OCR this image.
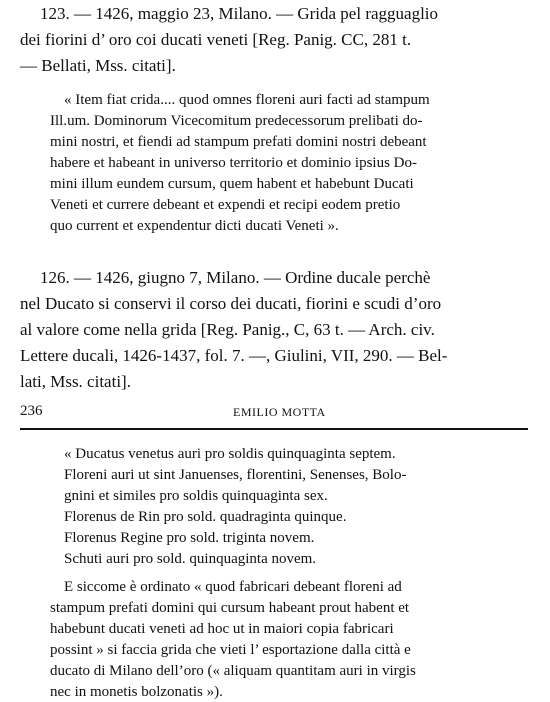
123. — 1426, maggio 23, Milano. — Grida pel ragguaglio
dei fiorini d’ oro coi ducati veneti [Reg. Panig. CC, 281 t.
— Bellati, Mss. citati].
« Item fiat crida.... quod omnes floreni auri facti ad stampum
Ill.um. Dominorum Vicecomitum predecessorum prelibati do-
mini nostri, et fiendi ad stampum prefati domini nostri debeant
habere et habeant in universo territorio et dominio ipsius Do-
mini illum eundem cursum, quem habent et habebunt Ducati
Veneti et currere debeant et expendi et recipi eodem pretio
quo current et expendentur dicti ducati Veneti ».
126. — 1426, giugno 7, Milano. — Ordine ducale perchè
nel Ducato si conservi il corso dei ducati, fiorini e scudi d’oro
al valore come nella grida [Reg. Panig., C, 63 t. — Arch. civ.
Lettere ducali, 1426-1437, fol. 7. —, Giulini, VII, 290. — Bel-
lati, Mss. citati].
236	EMILIO MOTTA
« Ducatus venetus auri pro soldis quinquaginta septem.
Floreni auri ut sint Januenses, florentini, Senenses, Bolo-
gnini et similes pro soldis quinquaginta sex.
Florenus de Rin pro sold. quadraginta quinque.
Florenus Regine pro sold. triginta novem.
Schuti auri pro sold. quinquaginta novem.
E siccome è ordinato « quod fabricari debeant floreni ad
stampum prefati domini qui cursum habeant prout habent et
habebunt ducati veneti ad hoc ut in maiori copia fabricari
possint » si faccia grida che vieti l’ esportazione dalla città e
ducato di Milano dell’oro (« aliquam quantitam auri in virgis
nec in monetis bolzonatis »).
